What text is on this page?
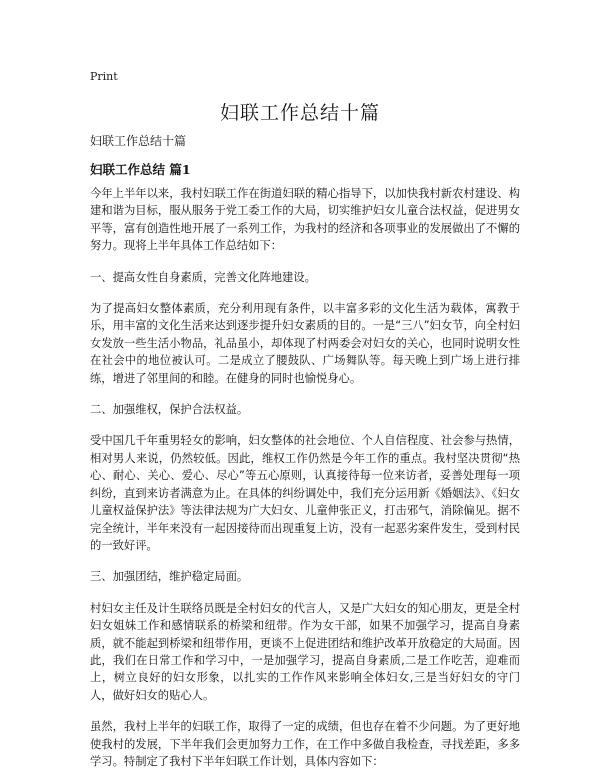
Print
妇联工作总结十篇
妇联工作总结十篇
妇联工作总结 篇1

今年上半年以来，我村妇联工作在街道妇联的精心指导下，以加快我村新农村建设、构建和谐为目标，服从服务于党工委工作的大局，切实维护妇女儿童合法权益，促进男女平等，富有创造性地开展了一系列工作，为我村的经济和各项事业的发展做出了不懈的努力。现将上半年具体工作总结如下：

一、提高女性自身素质，完善文化阵地建设。

为了提高妇女整体素质，充分利用现有条件，以丰富多彩的文化生活为载体，寓教于乐，用丰富的文化生活来达到逐步提升妇女素质的目的。一是“三八”妇女节，向全村妇女发放一些生活小物品，礼品虽小，却体现了村两委会对妇女的关心，也同时说明女性在社会中的地位被认可。二是成立了腰鼓队、广场舞队等。每天晚上到广场上进行排练，增进了邻里间的和睦。在健身的同时也愉悦身心。

二、加强维权，保护合法权益。

受中国几千年重男轻女的影响，妇女整体的社会地位、个人自信程度、社会参与热情，相对男人来说，仍然较低。因此，维权工作仍然是今年工作的重点。我村坚决贯彻“热心、耐心、关心、爱心、尽心”等五心原则，认真接待每一位来访者，妥善处理每一项纠纷，直到来访者满意为止。在具体的纠纷调处中，我们充分运用新《婚姻法》、《妇女儿童权益保护法》等法律法规为广大妇女、儿童伸张正义，打击邪气，消除偏见。据不完全统计，半年来没有一起因接待而出现重复上访，没有一起恶劣案件发生，受到村民的一致好评。

三、加强团结，维护稳定局面。

村妇女主任及计生联络员既是全村妇女的代言人，又是广大妇女的知心朋友，更是全村妇女姐妹工作和感情联系的桥梁和纽带。作为女干部，如果不加强学习，提高自身素质，就不能起到桥梁和纽带作用，更谈不上促进团结和维护改革开放稳定的大局面。因此，我们在日常工作和学习中，一是加强学习，提高自身素质,二是工作吃苦，迎难而上，树立良好的妇女形象，以扎实的工作作风来影响全体妇女,三是当好妇女的守门人，做好妇女的贴心人。

虽然，我村上半年的妇联工作，取得了一定的成绩，但也存在着不少问题。为了更好地使我村的发展，下半年我们会更加努力工作，在工作中多做自我检查，寻找差距，多多学习。特制定了我村下半年妇联工作计划，具体内容如下：
